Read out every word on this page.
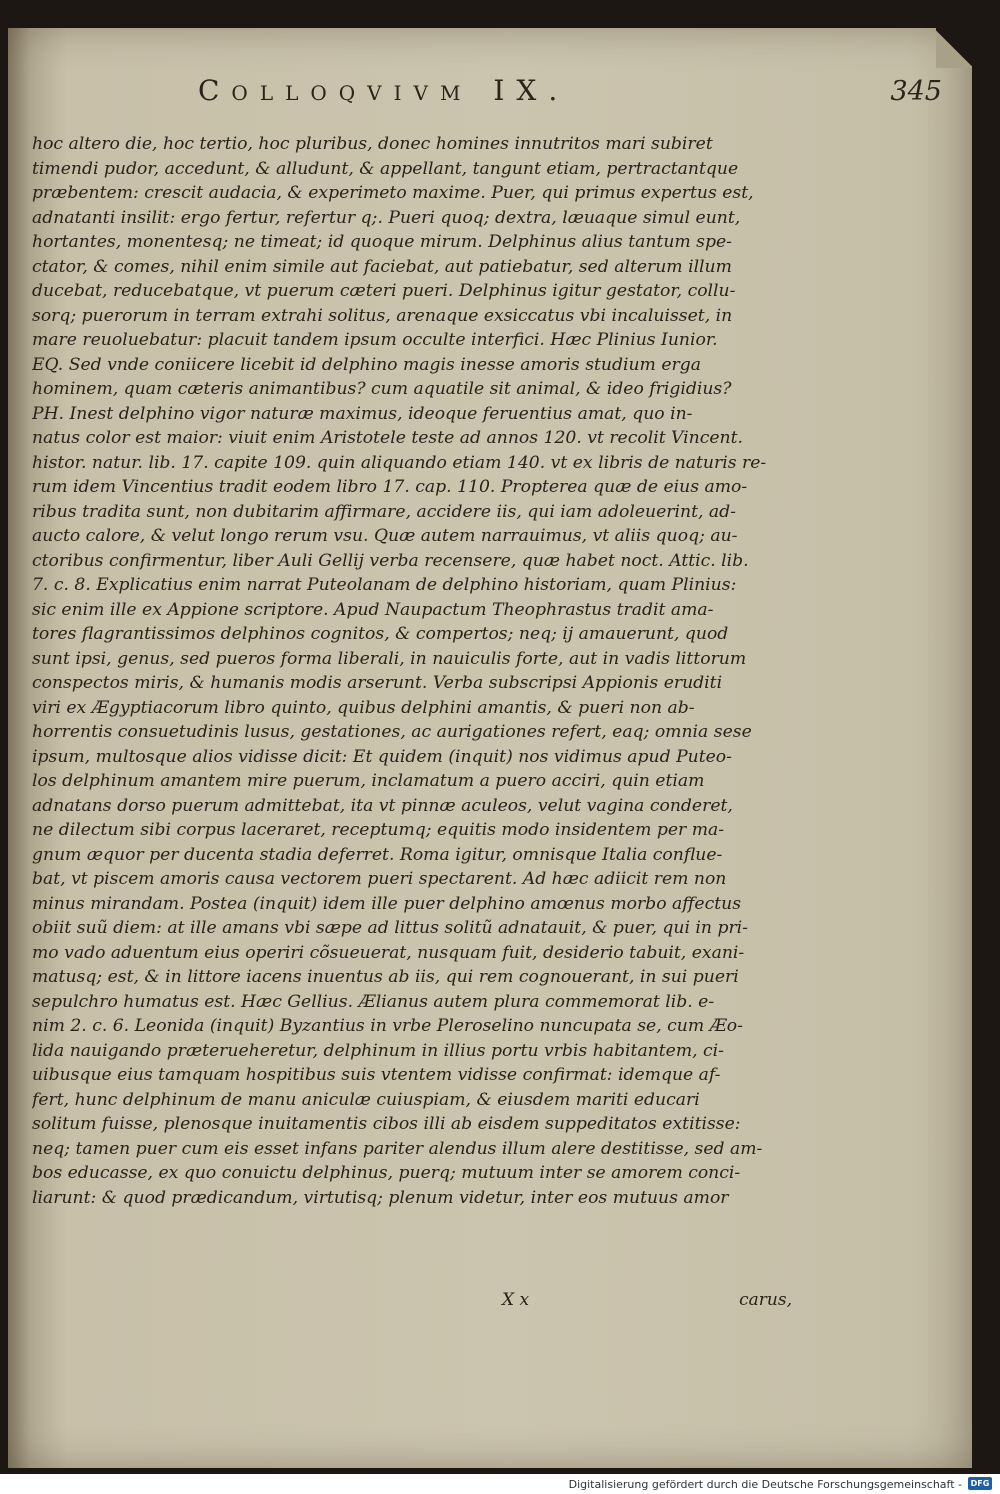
Colloqvivm IX.	345
hoc altero die, hoc tertio, hoc pluribus, donec homines innutritos mari subiret
timendi pudor, accedunt, & alludunt, & appellant, tangunt etiam, pertractantque
præbentem: crescit audacia, & experimeto maxime. Puer, qui primus expertus est,
adnatanti insilit: ergo fertur, refertur q;. Pueri quoq; dextra, læuaque simul eunt,
hortantes, monentesq; ne timeat; id quoque mirum. Delphinus alius tantum spe-
ctator, & comes, nihil enim simile aut faciebat, aut patiebatur, sed alterum illum
ducebat, reducebatque, vt puerum cæteri pueri. Delphinus igitur gestator, collu-
sorq; puerorum in terram extrahi solitus, arenaque exsiccatus vbi incaluisset, in
mare reuoluebatur: placuit tandem ipsum occulte interfici. Hæc Plinius Iunior.
EQ. Sed vnde coniicere licebit id delphino magis inesse amoris studium erga
hominem, quam cæteris animantibus? cum aquatile sit animal, & ideo frigidius?
PH. Inest delphino vigor naturæ maximus, ideoque feruentius amat, quo in-
natus color est maior: viuit enim Aristotele teste ad annos 120. vt recolit Vincent.
histor. natur. lib. 17. capite 109. quin aliquando etiam 140. vt ex libris de naturis re-
rum idem Vincentius tradit eodem libro 17. cap. 110. Propterea quæ de eius amo-
ribus tradita sunt, non dubitarim affirmare, accidere iis, qui iam adoleuerint, ad-
aucto calore, & velut longo rerum vsu. Quæ autem narrauimus, vt aliis quoq; au-
ctoribus confirmentur, liber Auli Gellij verba recensere, quæ habet noct. Attic. lib.
7. c. 8. Explicatius enim narrat Puteolanam de delphino historiam, quam Plinius:
sic enim ille ex Appione scriptore. Apud Naupactum Theophrastus tradit ama-
tores flagrantissimos delphinos cognitos, & compertos; neq; ij amauerunt, quod
sunt ipsi, genus, sed pueros forma liberali, in nauiculis forte, aut in vadis littorum
conspectos miris, & humanis modis arserunt. Verba subscripsi Appionis eruditi
viri ex Ægyptiacorum libro quinto, quibus delphini amantis, & pueri non ab-
horrentis consuetudinis lusus, gestationes, ac aurigationes refert, eaq; omnia sese
ipsum, multosque alios vidisse dicit: Et quidem (inquit) nos vidimus apud Puteo-
los delphinum amantem mire puerum, inclamatum a puero acciri, quin etiam
adnatans dorso puerum admittebat, ita vt pinnæ aculeos, velut vagina conderet,
ne dilectum sibi corpus laceraret, receptumq; equitis modo insidentem per ma-
gnum æquor per ducenta stadia deferret. Roma igitur, omnisque Italia confluе-
bat, vt piscem amoris causa vectorem pueri spectarent. Ad hæc adiicit rem non
minus mirandam. Postea (inquit) idem ille puer delphino amœnus morbo affectus
obiit suũ diem: at ille amans vbi sæpe ad littus solitũ adnatauit, & puer, qui in pri-
mo vado aduentum eius operiri cõsueuerat, nusquam fuit, desiderio tabuit, exani-
matusq; est, & in littore iacens inuentus ab iis, qui rem cognouerant, in sui pueri
sepulchro humatus est. Hæc Gellius. Ælianus autem plura commemorat lib. e-
nim 2. c. 6. Leonida (inquit) Byzantius in vrbe Pleroselino nuncupata se, cum Æo-
lida nauigando præteruеheretur, delphinum in illius portu vrbis habitantem, ci-
uibusque eius tamquam hospitibus suis vtentem vidisse confirmat: idemque af-
fert, hunc delphinum de manu aniculæ cuiuspiam, & eiusdem mariti educari
solitum fuisse, plenosque inuitamentis cibos illi ab eisdem suppeditatos extitisse:
neq; tamen puer cum eis esset infans pariter alendus illum alere destitisse, sed am-
bos educasse, ex quo conuictu delphinus, puerq; mutuum inter se amorem conci-
liarunt: & quod prædicandum, virtutisq; plenum videtur, inter eos mutuus amor
X x	carus,
Digitalisierung gefördert durch die Deutsche Forschungsgemeinschaft -	DFG
